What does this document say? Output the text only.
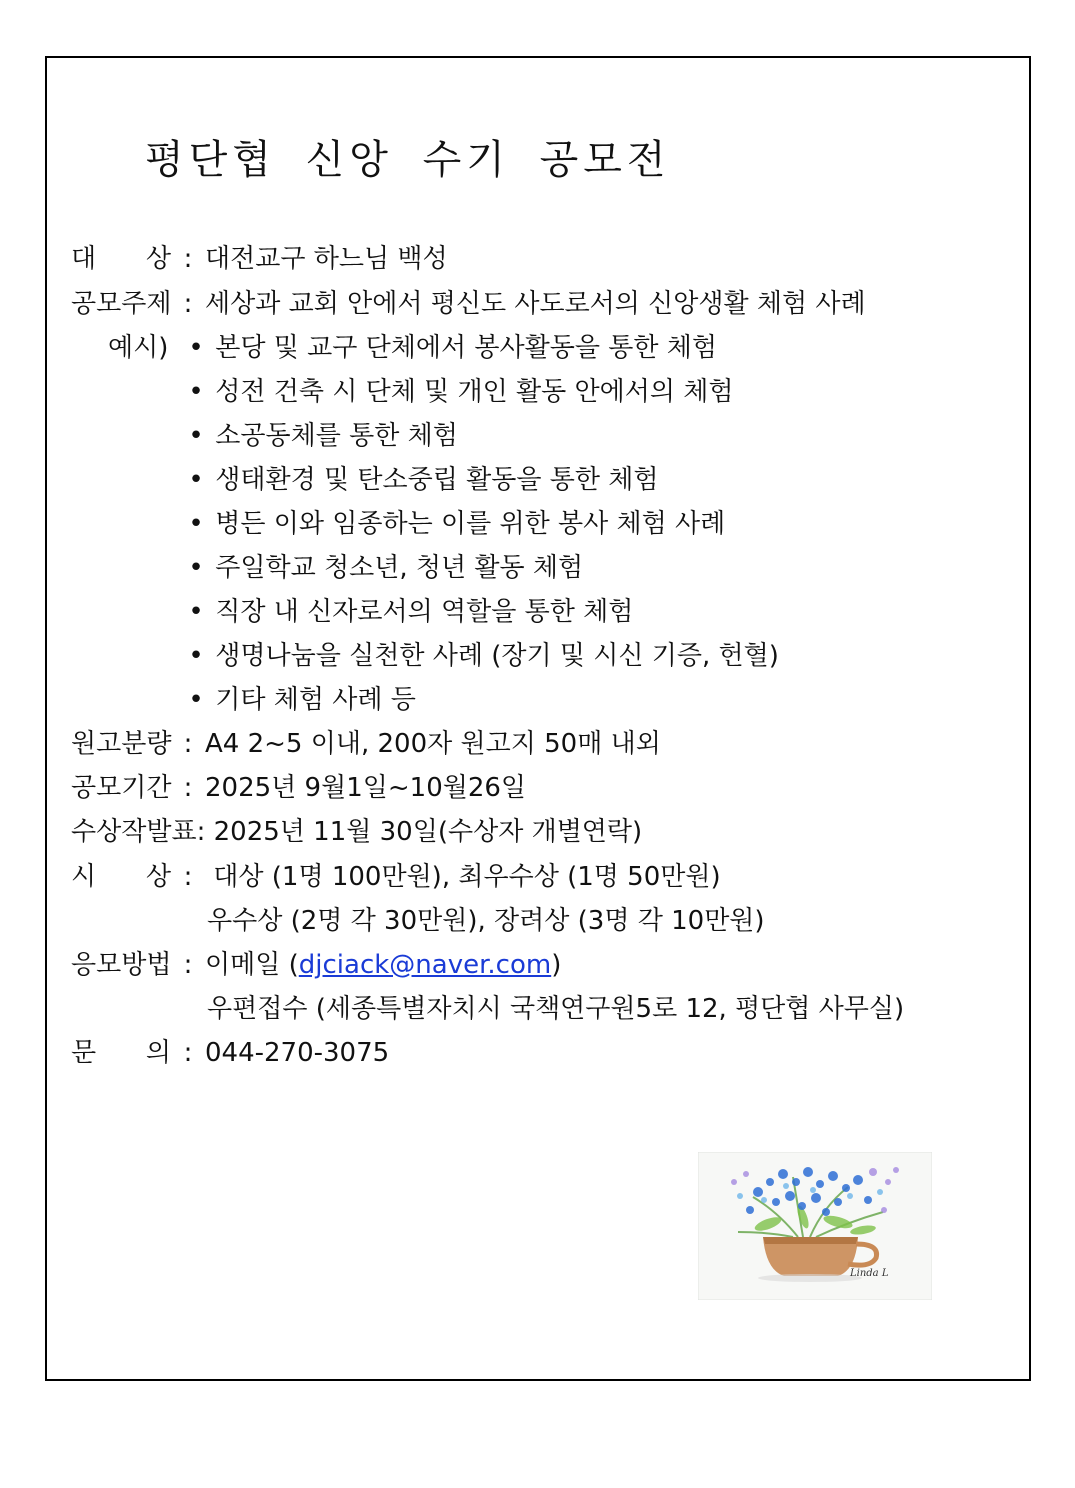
평단협 신앙 수기 공모전
대 상 : 대전교구 하느님 백성
공모주제 : 세상과 교회 안에서 평신도 사도로서의 신앙생활 체험 사례
예시) • 본당 및 교구 단체에서 봉사활동을 통한 체험
• 성전 건축 시 단체 및 개인 활동 안에서의 체험
• 소공동체를 통한 체험
• 생태환경 및 탄소중립 활동을 통한 체험
• 병든 이와 임종하는 이를 위한 봉사 체험 사례
• 주일학교 청소년, 청년 활동 체험
• 직장 내 신자로서의 역할을 통한 체험
• 생명나눔을 실천한 사례 (장기 및 시신 기증, 헌혈)
• 기타 체험 사례 등
원고분량 : A4 2~5 이내, 200자 원고지 50매 내외
공모기간 : 2025년 9월1일~10월26일
수상작발표: 2025년 11월 30일(수상자 개별연락)
시 상 : 대상 (1명 100만원), 최우수상 (1명 50만원)
우수상 (2명 각 30만원), 장려상 (3명 각 10만원)
응모방법 : 이메일 (djciack@naver.com)
우편접수 (세종특별자치시 국책연구원5로 12, 평단협 사무실)
문 의 : 044-270-3075
Linda L
